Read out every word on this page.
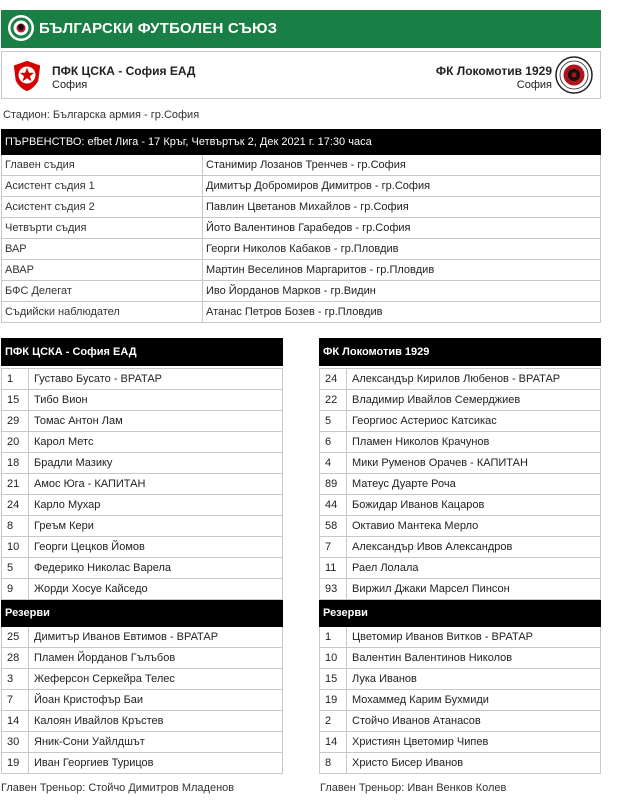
БЪЛГАРСКИ ФУТБОЛЕН СЪЮЗ
ПФК ЦСКА - София ЕАД
София
ФК Локомотив 1929
София
Стадион: Българска армия - гр.София
ПЪРВЕНСТВО: efbet Лига - 17 Кръг, Четвъртък 2, Дек 2021 г. 17:30 часа	
Главен съдия	Станимир Лозанов Тренчев - гр.София
Асистент съдия 1	Димитър Добромиров Димитров - гр.София
Асистент съдия 2	Павлин Цветанов Михайлов - гр.София
Четвърти съдия	Йото Валентинов Гарабедов - гр.София
ВАР	Георги Николов Кабаков - гр.Пловдив
АВАР	Мартин Веселинов Маргаритов - гр.Пловдив
БФС Делегат	Иво Йорданов Марков - гр.Видин
Съдийски наблюдател	Атанас Петров Бозев - гр.Пловдив
ПФК ЦСКА - София ЕАД	

1	Густаво Бусато - ВРАТАР
15	Тибо Вион
29	Томас Антон Лам
20	Карол Метс
18	Брадли Мазику
21	Амос Юга - КАПИТАН
24	Карло Мухар
8	Греъм Кери
10	Георги Цецков Йомов
5	Федерико Николас Варела
9	Жорди Хосуе Кайседо
Резерви	
25	Димитър Иванов Евтимов - ВРАТАР
28	Пламен Йорданов Гълъбов
3	Жеферсон Серкейра Телес
7	Йоан Кристофър Баи
14	Калоян Ивайлов Кръстев
30	Яник-Сони Уайлдшът
19	Иван Георгиев Турицов
ФК Локомотив 1929	

24	Александър Кирилов Любенов - ВРАТАР
22	Владимир Ивайлов Семерджиев
5	Георгиос Астериос Катсикас
6	Пламен Николов Крачунов
4	Мики Руменов Орачев - КАПИТАН
89	Матеус Дуарте Роча
44	Божидар Иванов Кацаров
58	Октавио Мантека Мерло
7	Александър Ивов Александров
11	Раел Лолала
93	Виржил Джаки Марсел Пинсон
Резерви	
1	Цветомир Иванов Витков - ВРАТАР
10	Валентин Валентинов Николов
15	Лука Иванов
19	Мохаммед Карим Бухмиди
2	Стойчо Иванов Атанасов
14	Християн Цветомир Чипев
8	Христо Бисер Иванов
Главен Треньор: Стойчо Димитров Младенов	Главен Треньор: Иван Венков Колев
